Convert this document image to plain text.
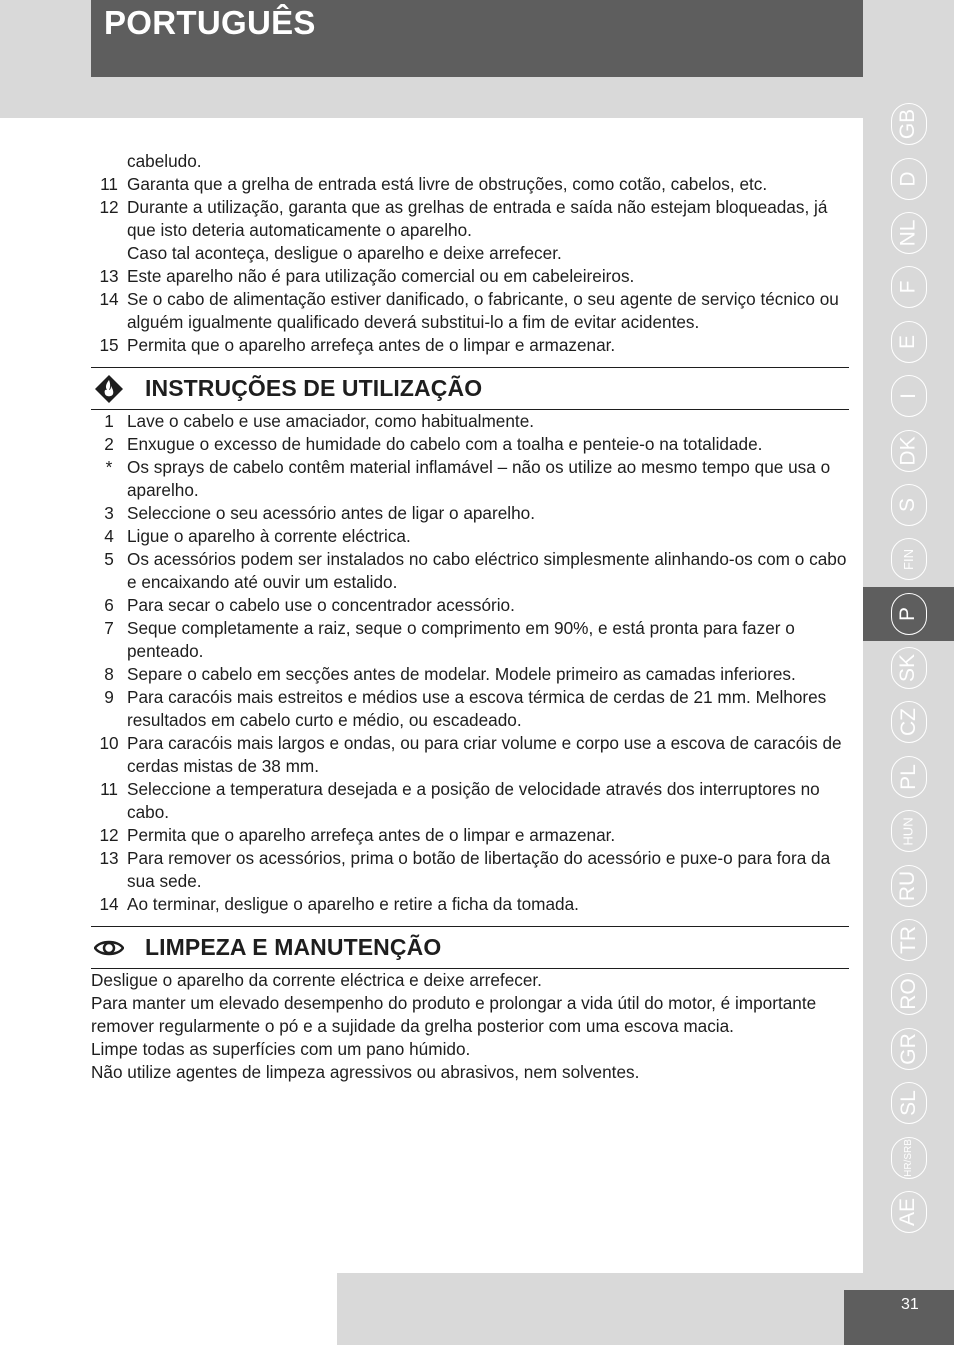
PORTUGUÊS
cabeludo.
11 Garanta que a grelha de entrada está livre de obstruções, como cotão, cabelos, etc.
12 Durante a utilização, garanta que as grelhas de entrada e saída não estejam bloqueadas, já que isto deteria automaticamente o aparelho.
Caso tal aconteça, desligue o aparelho e deixe arrefecer.
13 Este aparelho não é para utilização comercial ou em cabeleireiros.
14 Se o cabo de alimentação estiver danificado, o fabricante, o seu agente de serviço técnico ou alguém igualmente qualificado deverá substitui-lo a fim de evitar acidentes.
15 Permita que o aparelho arrefeça antes de o limpar e armazenar.
INSTRUÇÕES DE UTILIZAÇÃO
1 Lave o cabelo e use amaciador, como habitualmente.
2 Enxugue o excesso de humidade do cabelo com a toalha e penteie-o na totalidade.
* Os sprays de cabelo contêm material inflamável – não os utilize ao mesmo tempo que usa o aparelho.
3 Seleccione o seu acessório antes de ligar o aparelho.
4 Ligue o aparelho à corrente eléctrica.
5 Os acessórios podem ser instalados no cabo eléctrico simplesmente alinhando-os com o cabo e encaixando até ouvir um estalido.
6 Para secar o cabelo use o concentrador acessório.
7 Seque completamente a raiz, seque o comprimento em 90%, e está pronta para fazer o penteado.
8 Separe o cabelo em secções antes de modelar. Modele primeiro as camadas inferiores.
9 Para caracóis mais estreitos e médios use a escova térmica de cerdas de 21 mm. Melhores resultados em cabelo curto e médio, ou escadeado.
10 Para caracóis mais largos e ondas, ou para criar volume e corpo use a escova de caracóis de cerdas mistas de 38 mm.
11 Seleccione a temperatura desejada e a posição de velocidade através dos interruptores no cabo.
12 Permita que o aparelho arrefeça antes de o limpar e armazenar.
13 Para remover os acessórios, prima o botão de libertação do acessório e puxe-o para fora da sua sede.
14 Ao terminar, desligue o aparelho e retire a ficha da tomada.
LIMPEZA E MANUTENÇÃO

Desligue o aparelho da corrente eléctrica e deixe arrefecer.

Para manter um elevado desempenho do produto e prolongar a vida útil do motor, é importante remover regularmente o pó e a sujidade da grelha posterior com uma escova macia.

Limpe todas as superfícies com um pano húmido.

Não utilize agentes de limpeza agressivos ou abrasivos, nem solventes.

GB
D
NL
F
E
I
DK
S
FIN
P
SK
CZ
PL
HUN
RU
TR
RO
GR
SL
HR/SRB
AE
31
